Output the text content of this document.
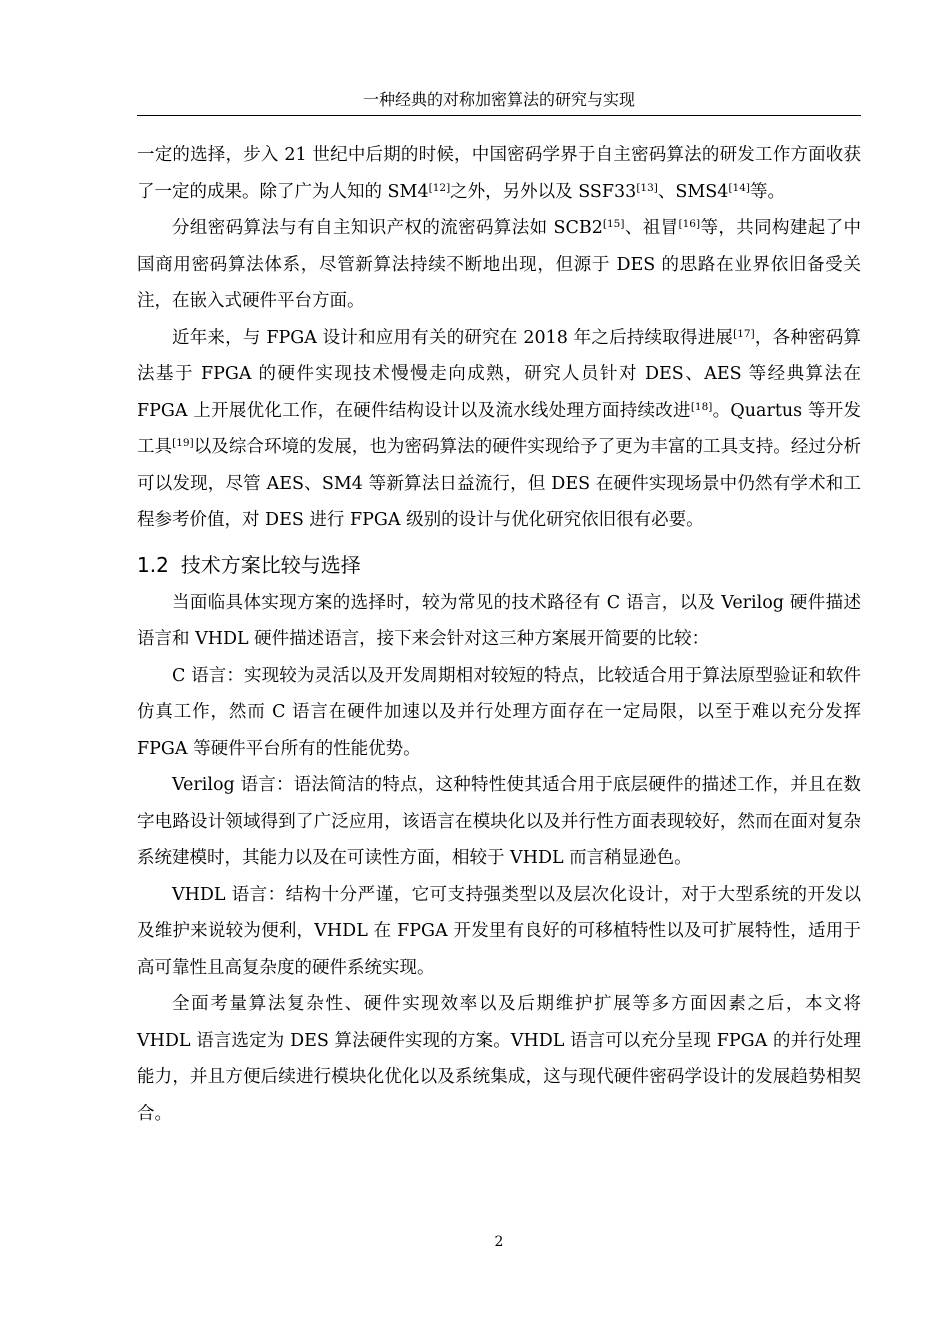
一种经典的对称加密算法的研究与实现

一定的选择，步入 21 世纪中后期的时候，中国密码学界于自主密码算法的研发工作方面收获了一定的成果。除了广为人知的 SM4[12]之外，另外以及 SSF33[13]、SMS4[14]等。

分组密码算法与有自主知识产权的流密码算法如 SCB2[15]、祖冒[16]等，共同构建起了中国商用密码算法体系，尽管新算法持续不断地出现，但源于 DES 的思路在业界依旧备受关注，在嵌入式硬件平台方面。

近年来，与 FPGA 设计和应用有关的研究在 2018 年之后持续取得进展[17]，各种密码算法基于 FPGA 的硬件实现技术慢慢走向成熟，研究人员针对 DES、AES 等经典算法在 FPGA 上开展优化工作，在硬件结构设计以及流水线处理方面持续改进[18]。Quartus 等开发工具[19]以及综合环境的发展，也为密码算法的硬件实现给予了更为丰富的工具支持。经过分析可以发现，尽管 AES、SM4 等新算法日益流行，但 DES 在硬件实现场景中仍然有学术和工程参考价值，对 DES 进行 FPGA 级别的设计与优化研究依旧很有必要。

1.2 技术方案比较与选择

当面临具体实现方案的选择时，较为常见的技术路径有 C 语言，以及 Verilog 硬件描述语言和 VHDL 硬件描述语言，接下来会针对这三种方案展开简要的比较：

C 语言：实现较为灵活以及开发周期相对较短的特点，比较适合用于算法原型验证和软件仿真工作，然而 C 语言在硬件加速以及并行处理方面存在一定局限，以至于难以充分发挥 FPGA 等硬件平台所有的性能优势。

Verilog 语言：语法简洁的特点，这种特性使其适合用于底层硬件的描述工作，并且在数字电路设计领域得到了广泛应用，该语言在模块化以及并行性方面表现较好，然而在面对复杂系统建模时，其能力以及在可读性方面，相较于 VHDL 而言稍显逊色。

VHDL 语言：结构十分严谨，它可支持强类型以及层次化设计，对于大型系统的开发以及维护来说较为便利，VHDL 在 FPGA 开发里有良好的可移植特性以及可扩展特性，适用于高可靠性且高复杂度的硬件系统实现。

全面考量算法复杂性、硬件实现效率以及后期维护扩展等多方面因素之后，本文将 VHDL 语言选定为 DES 算法硬件实现的方案。VHDL 语言可以充分呈现 FPGA 的并行处理能力，并且方便后续进行模块化优化以及系统集成，这与现代硬件密码学设计的发展趋势相契合。

2
